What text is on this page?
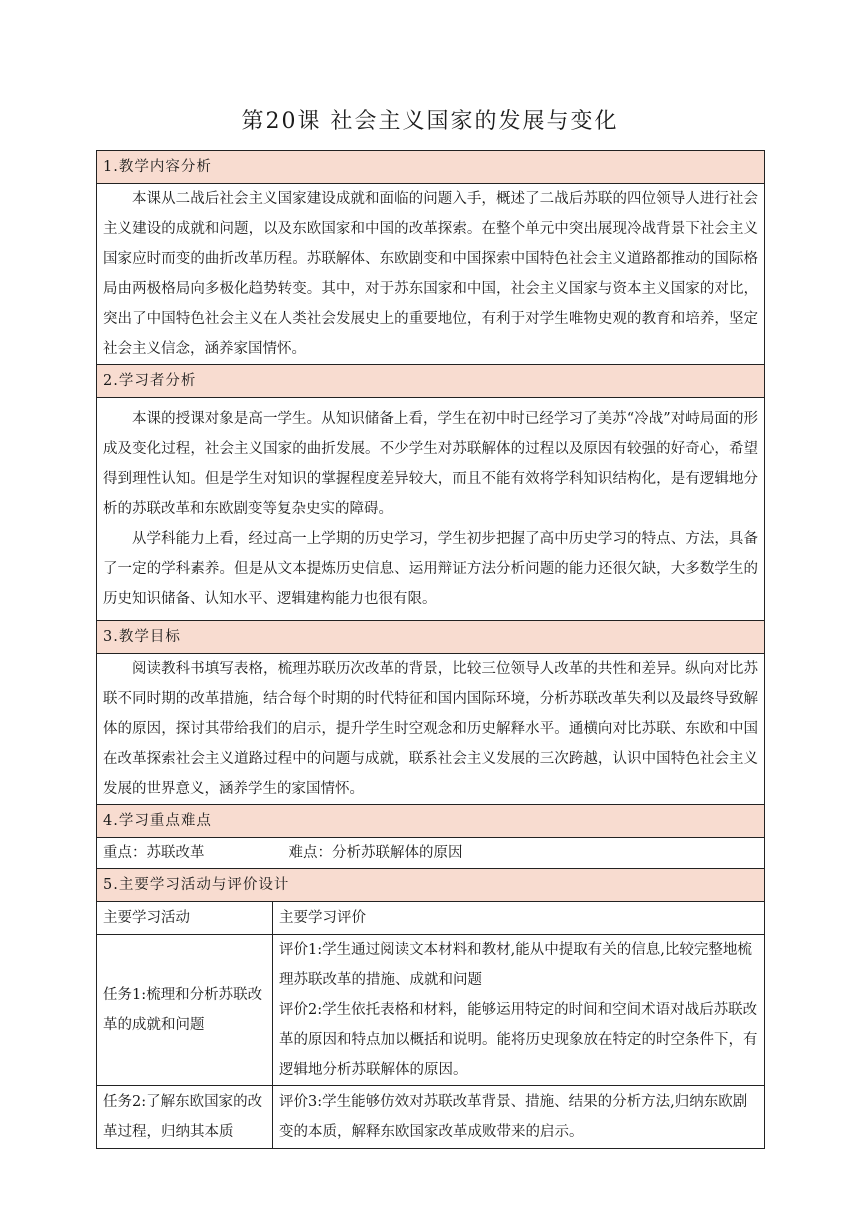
第20课 社会主义国家的发展与变化
1.教学内容分析	

本课从二战后社会主义国家建设成就和面临的问题入手，概述了二战后苏联的四位领导人进行社会主义建设的成就和问题，以及东欧国家和中国的改革探索。在整个单元中突出展现冷战背景下社会主义国家应时而变的曲折改革历程。苏联解体、东欧剧变和中国探索中国特色社会主义道路都推动的国际格局由两极格局向多极化趋势转变。其中，对于苏东国家和中国，社会主义国家与资本主义国家的对比，突出了中国特色社会主义在人类社会发展史上的重要地位，有利于对学生唯物史观的教育和培养，坚定社会主义信念，涵养家国情怀。	

2.学习者分析	

本课的授课对象是高一学生。从知识储备上看，学生在初中时已经学习了美苏“冷战”对峙局面的形成及变化过程，社会主义国家的曲折发展。不少学生对苏联解体的过程以及原因有较强的好奇心，希望得到理性认知。但是学生对知识的掌握程度差异较大，而且不能有效将学科知识结构化，是有逻辑地分析的苏联改革和东欧剧变等复杂史实的障碍。

从学科能力上看，经过高一上学期的历史学习，学生初步把握了高中历史学习的特点、方法，具备了一定的学科素养。但是从文本提炼历史信息、运用辩证方法分析问题的能力还很欠缺，大多数学生的历史知识储备、认知水平、逻辑建构能力也很有限。	

3.教学目标	

阅读教科书填写表格，梳理苏联历次改革的背景，比较三位领导人改革的共性和差异。纵向对比苏联不同时期的改革措施，结合每个时期的时代特征和国内国际环境，分析苏联改革失利以及最终导致解体的原因，探讨其带给我们的启示，提升学生时空观念和历史解释水平。通横向对比苏联、东欧和中国在改革探索社会主义道路过程中的问题与成就，联系社会主义发展的三次跨越，认识中国特色社会主义发展的世界意义，涵养学生的家国情怀。	

4.学习重点难点	
重点：苏联改革 难点：分析苏联解体的原因	
5.主要学习活动与评价设计	
主要学习活动	主要学习评价
任务1:梳理和分析苏联改革的成就和问题	评价1:学生通过阅读文本材料和教材,能从中提取有关的信息,比较完整地梳理苏联改革的措施、成就和问题
评价2:学生依托表格和材料，能够运用特定的时间和空间术语对战后苏联改革的原因和特点加以概括和说明。能将历史现象放在特定的时空条件下，有逻辑地分析苏联解体的原因。
任务2:了解东欧国家的改革过程，归纳其本质	评价3:学生能够仿效对苏联改革背景、措施、结果的分析方法,归纳东欧剧变的本质，解释东欧国家改革成败带来的启示。
